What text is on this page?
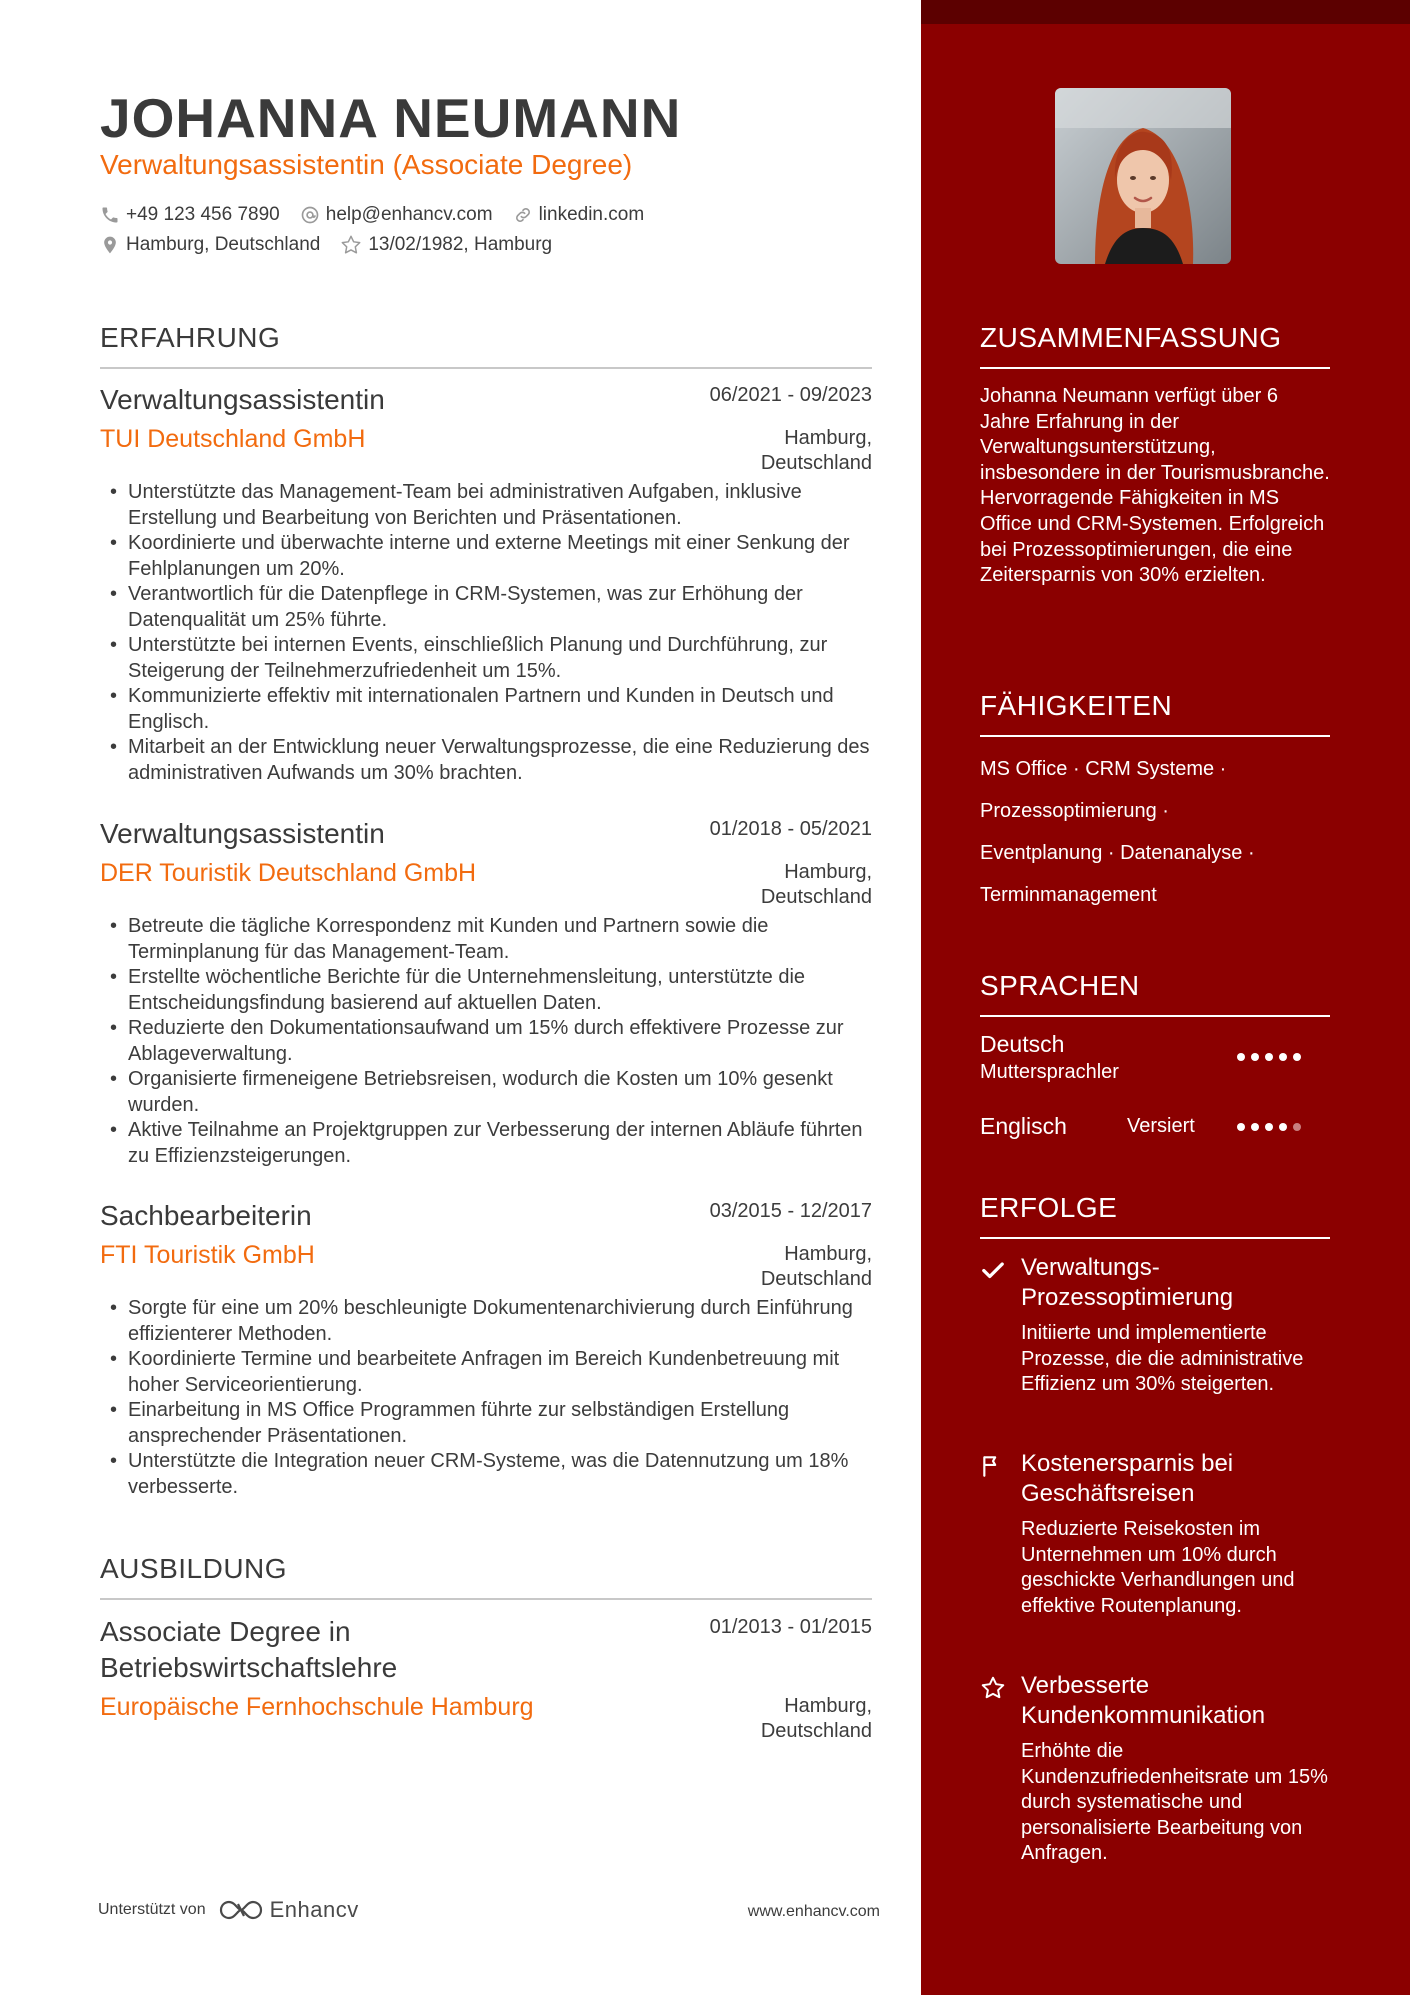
JOHANNA NEUMANN
Verwaltungsassistentin (Associate Degree)
+49 123 456 7890 help@enhancv.com linkedin.com
Hamburg, Deutschland	13/02/1982, Hamburg
ERFAHRUNG
Verwaltungsassistentin	06/2021 - 09/2023
TUI Deutschland GmbH	Hamburg,
Deutschland
• Unterstützte das Management-Team bei administrativen Aufgaben, inklusive Erstellung und Bearbeitung von Berichten und Präsentationen.
• Koordinierte und überwachte interne und externe Meetings mit einer Senkung der Fehlplanungen um 20%.
• Verantwortlich für die Datenpflege in CRM-Systemen, was zur Erhöhung der Datenqualität um 25% führte.
• Unterstützte bei internen Events, einschließlich Planung und Durchführung, zur Steigerung der Teilnehmerzufriedenheit um 15%.
• Kommunizierte effektiv mit internationalen Partnern und Kunden in Deutsch und Englisch.
• Mitarbeit an der Entwicklung neuer Verwaltungsprozesse, die eine Reduzierung des administrativen Aufwands um 30% brachten.
Verwaltungsassistentin	01/2018 - 05/2021
DER Touristik Deutschland GmbH	Hamburg,
Deutschland
• Betreute die tägliche Korrespondenz mit Kunden und Partnern sowie die Terminplanung für das Management-Team.
• Erstellte wöchentliche Berichte für die Unternehmensleitung, unterstützte die Entscheidungsfindung basierend auf aktuellen Daten.
• Reduzierte den Dokumentationsaufwand um 15% durch effektivere Prozesse zur Ablageverwaltung.
• Organisierte firmeneigene Betriebsreisen, wodurch die Kosten um 10% gesenkt wurden.
• Aktive Teilnahme an Projektgruppen zur Verbesserung der internen Abläufe führten zu Effizienzsteigerungen.
Sachbearbeiterin	03/2015 - 12/2017
FTI Touristik GmbH	Hamburg,
Deutschland
• Sorgte für eine um 20% beschleunigte Dokumentenarchivierung durch Einführung effizienterer Methoden.
• Koordinierte Termine und bearbeitete Anfragen im Bereich Kundenbetreuung mit hoher Serviceorientierung.
• Einarbeitung in MS Office Programmen führte zur selbständigen Erstellung ansprechender Präsentationen.
• Unterstützte die Integration neuer CRM-Systeme, was die Datennutzung um 18% verbesserte.
AUSBILDUNG
Associate Degree in Betriebswirtschaftslehre
01/2013 - 01/2015
Europäische Fernhochschule Hamburg	Hamburg,
Deutschland
Unterstützt von	Enhancv	www.enhancv.com
ZUSAMMENFASSUNG
Johanna Neumann verfügt über 6 Jahre Erfahrung in der Verwaltungsunterstützung, insbesondere in der Tourismusbranche. Hervorragende Fähigkeiten in MS Office und CRM-Systemen. Erfolgreich bei Prozessoptimierungen, die eine Zeitersparnis von 30% erzielten.
FÄHIGKEITEN
MS Office · CRM Systeme ·
Prozessoptimierung ·
Eventplanung · Datenanalyse ·
Terminmanagement
SPRACHEN
Deutsch
Muttersprachler
Englisch	Versiert
ERFOLGE
Verwaltungs-Prozessoptimierung
Initiierte und implementierte Prozesse, die die administrative Effizienz um 30% steigerten.
Kostenersparnis bei Geschäftsreisen
Reduzierte Reisekosten im Unternehmen um 10% durch geschickte Verhandlungen und effektive Routenplanung.
Verbesserte Kundenkommunikation
Erhöhte die Kundenzufriedenheitsrate um 15% durch systematische und personalisierte Bearbeitung von Anfragen.
